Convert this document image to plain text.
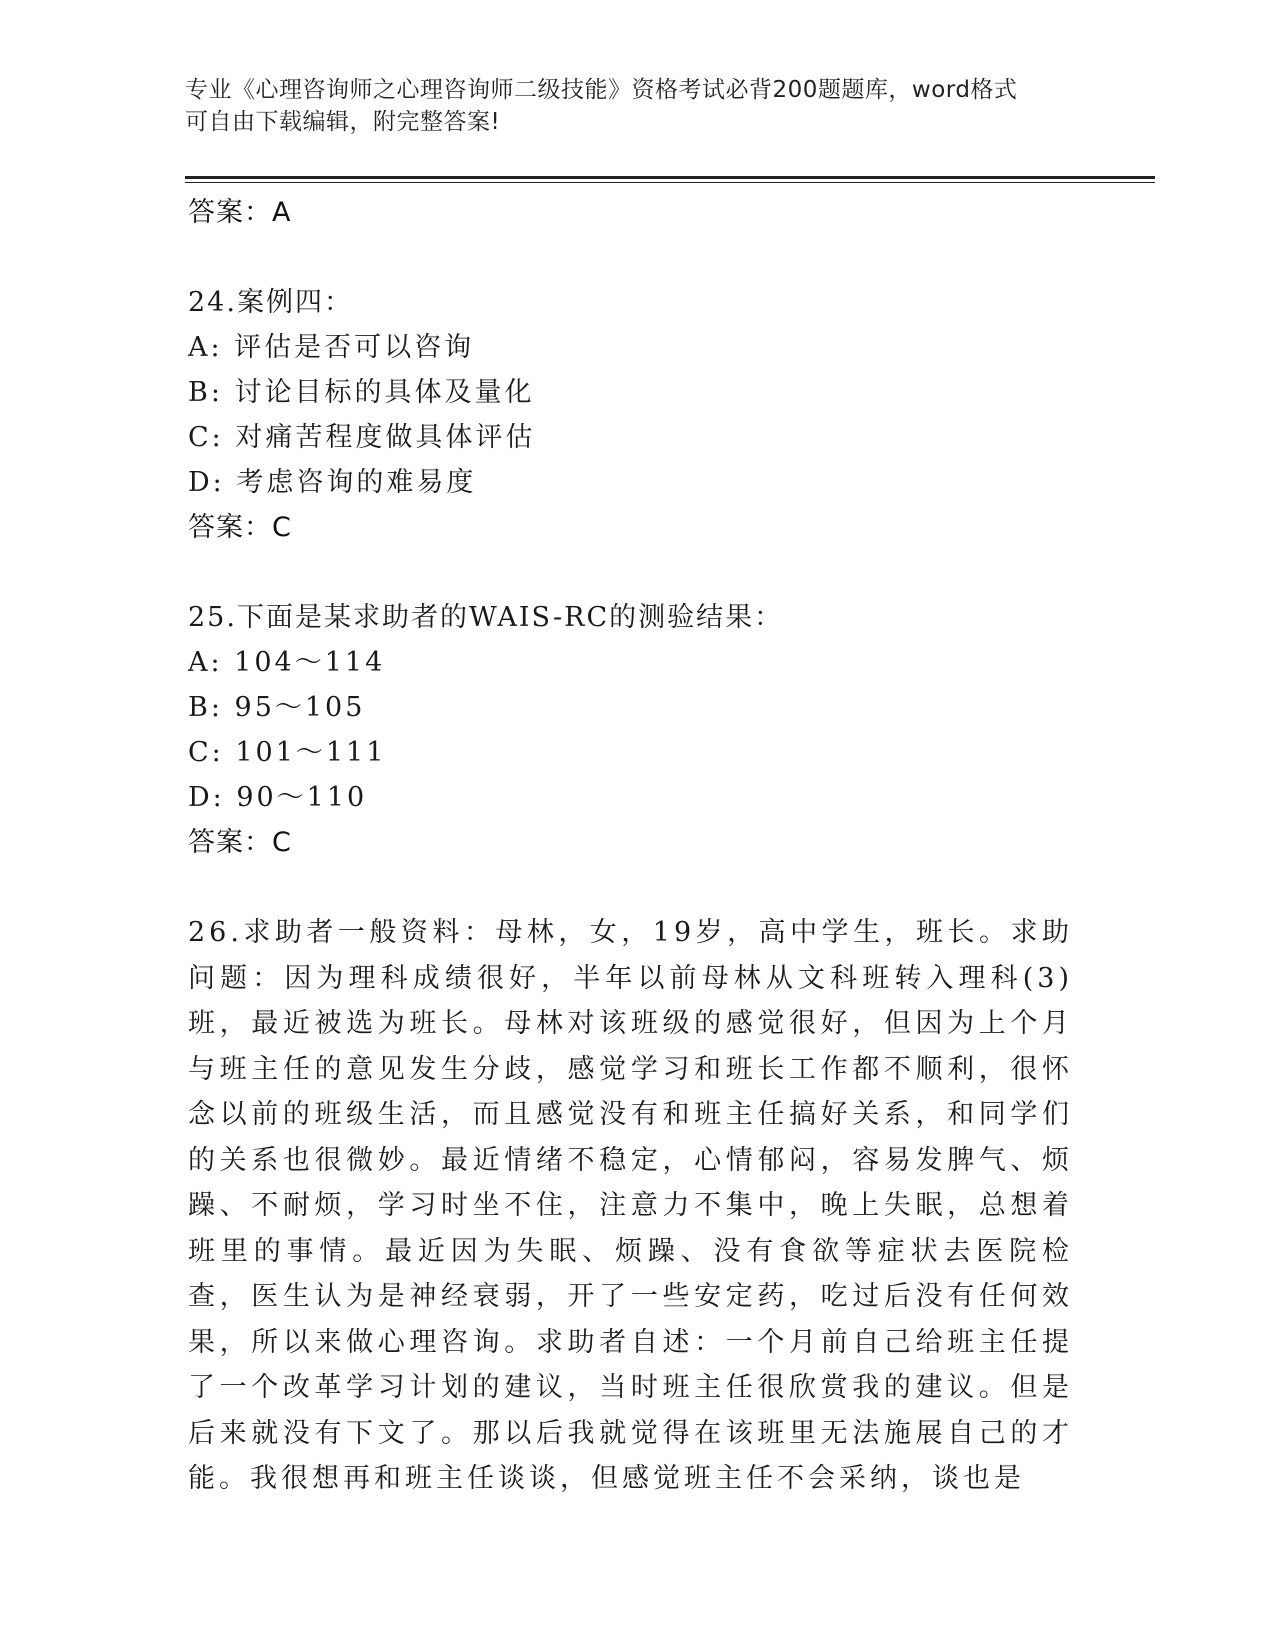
专业《心理咨询师之心理咨询师二级技能》资格考试必背200题题库，word格式
可自由下载编辑，附完整答案!
答案：A
24.案例四：
A: 评估是否可以咨询
B: 讨论目标的具体及量化
C: 对痛苦程度做具体评估
D: 考虑咨询的难易度
答案：C
25.下面是某求助者的WAIS-RC的测验结果：
A: 104～114
B: 95～105
C: 101～111
D: 90～110
答案：C
26.求助者一般资料：母林，女，19岁，高中学生，班长。求助问题：因为理科成绩很好，半年以前母林从文科班转入理科(3)班，最近被选为班长。母林对该班级的感觉很好，但因为上个月与班主任的意见发生分歧，感觉学习和班长工作都不顺利，很怀念以前的班级生活，而且感觉没有和班主任搞好关系，和同学们的关系也很微妙。最近情绪不稳定，心情郁闷，容易发脾气、烦躁、不耐烦，学习时坐不住，注意力不集中，晚上失眠，总想着班里的事情。最近因为失眠、烦躁、没有食欲等症状去医院检查，医生认为是神经衰弱，开了一些安定药，吃过后没有任何效果，所以来做心理咨询。求助者自述：一个月前自己给班主任提了一个改革学习计划的建议，当时班主任很欣赏我的建议。但是后来就没有下文了。那以后我就觉得在该班里无法施展自己的才能。我很想再和班主任谈谈，但感觉班主任不会采纳，谈也是
